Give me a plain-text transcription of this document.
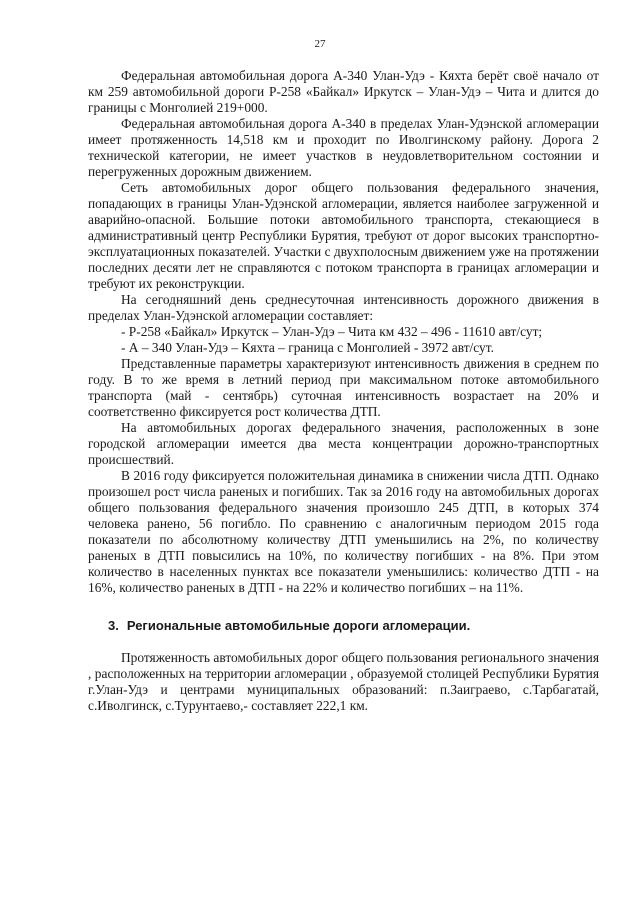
27

Федеральная автомобильная дорога А-340 Улан-Удэ - Кяхта берёт своё начало от км 259 автомобильной дороги Р-258 «Байкал» Иркутск – Улан-Удэ – Чита и длится до границы с Монголией 219+000.

Федеральная автомобильная дорога А-340 в пределах Улан-Удэнской агломерации имеет протяженность 14,518 км и проходит по Иволгинскому району. Дорога 2 технической категории, не имеет участков в неудовлетворительном состоянии и перегруженных дорожным движением.

Сеть автомобильных дорог общего пользования федерального значения, попадающих в границы Улан-Удэнской агломерации, является наиболее загруженной и аварийно-опасной. Большие потоки автомобильного транспорта, стекающиеся в административный центр Республики Бурятия, требуют от дорог высоких транспортно-эксплуатационных показателей. Участки с двухполосным движением уже на протяжении последних десяти лет не справляются с потоком транспорта в границах агломерации и требуют их реконструкции.

На сегодняшний день среднесуточная интенсивность дорожного движения в пределах Улан-Удэнской агломерации составляет:

- Р-258 «Байкал» Иркутск – Улан-Удэ – Чита км 432 – 496 - 11610 авт/сут;

- А – 340 Улан-Удэ – Кяхта – граница с Монголией - 3972 авт/сут.

Представленные параметры характеризуют интенсивность движения в среднем по году. В то же время в летний период при максимальном потоке автомобильного транспорта (май - сентябрь) суточная интенсивность возрастает на 20% и соответственно фиксируется рост количества ДТП.

На автомобильных дорогах федерального значения, расположенных в зоне городской агломерации имеется два места концентрации дорожно-транспортных происшествий.

В 2016 году фиксируется положительная динамика в снижении числа ДТП. Однако произошел рост числа раненых и погибших. Так за 2016 году на автомобильных дорогах общего пользования федерального значения произошло 245 ДТП, в которых 374 человека ранено, 56 погибло. По сравнению с аналогичным периодом 2015 года показатели по абсолютному количеству ДТП уменьшились на 2%, по количеству раненых в ДТП повысились на 10%, по количеству погибших - на 8%. При этом количество в населенных пунктах все показатели уменьшились: количество ДТП - на 16%, количество раненых в ДТП - на 22% и количество погибших – на 11%.

3. Региональные автомобильные дороги агломерации.

Протяженность автомобильных дорог общего пользования регионального значения , расположенных на территории агломерации , образуемой столицей Республики Бурятия г.Улан-Удэ и центрами муниципальных образований: п.Заиграево, с.Тарбагатай, с.Иволгинск, с.Турунтаево,- составляет 222,1 км.
